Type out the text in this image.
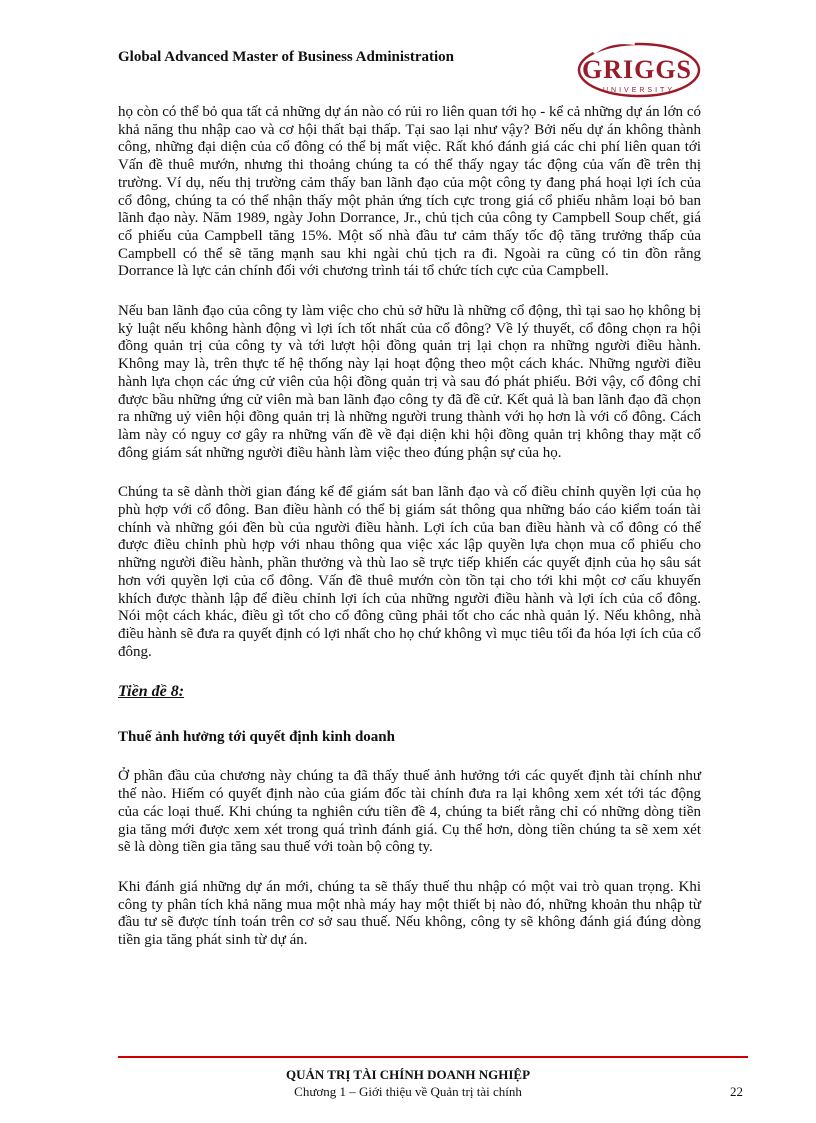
Global Advanced Master of Business Administration	GRIGGS
UNIVERSITY

họ còn có thể bỏ qua tất cả những dự án nào có rủi ro liên quan tới họ - kể cả những dự án lớn có khả năng thu nhập cao và cơ hội thất bại thấp. Tại sao lại như vậy? Bởi nếu dự án không thành công, những đại diện của cổ đông có thể bị mất việc. Rất khó đánh giá các chi phí liên quan tới Vấn đề thuê mướn, nhưng thi thoảng chúng ta có thể thấy ngay tác động của vấn đề trên thị trường. Ví dụ, nếu thị trường cảm thấy ban lãnh đạo của một công ty đang phá hoại lợi ích của cổ đông, chúng ta có thể nhận thấy một phản ứng tích cực trong giá cổ phiếu nhằm loại bỏ ban lãnh đạo này. Năm 1989, ngày John Dorrance, Jr., chủ tịch của công ty Campbell Soup chết, giá cổ phiếu của Campbell tăng 15%. Một số nhà đầu tư cảm thấy tốc độ tăng trưởng thấp của Campbell có thể sẽ tăng mạnh sau khi ngài chủ tịch ra đi. Ngoài ra cũng có tin đồn rằng Dorrance là lực cản chính đối với chương trình tái tổ chức tích cực của Campbell.

Nếu ban lãnh đạo của công ty làm việc cho chủ sở hữu là những cổ động, thì tại sao họ không bị kỷ luật nếu không hành động vì lợi ích tốt nhất của cổ đông? Về lý thuyết, cổ đông chọn ra hội đồng quản trị của công ty và tới lượt hội đồng quản trị lại chọn ra những người điều hành. Không may là, trên thực tế hệ thống này lại hoạt động theo một cách khác. Những người điều hành lựa chọn các ứng cử viên của hội đồng quản trị và sau đó phát phiếu. Bởi vậy, cổ đông chỉ được bầu những ứng cử viên mà ban lãnh đạo công ty đã đề cử. Kết quả là ban lãnh đạo đã chọn ra những uỷ viên hội đồng quản trị là những người trung thành với họ hơn là với cổ đông. Cách làm này có nguy cơ gây ra những vấn đề về đại diện khi hội đồng quản trị không thay mặt cổ đông giám sát những người điều hành làm việc theo đúng phận sự của họ.

Chúng ta sẽ dành thời gian đáng kể để giám sát ban lãnh đạo và cố điều chỉnh quyền lợi của họ phù hợp với cổ đông. Ban điều hành có thể bị giám sát thông qua những báo cáo kiểm toán tài chính và những gói đền bù của người điều hành. Lợi ích của ban điều hành và cổ đông có thể được điều chỉnh phù hợp với nhau thông qua việc xác lập quyền lựa chọn mua cổ phiếu cho những người điều hành, phần thưởng và thù lao sẽ trực tiếp khiến các quyết định của họ sâu sát hơn với quyền lợi của cổ đông. Vấn đề thuê mướn còn tồn tại cho tới khi một cơ cấu khuyến khích được thành lập để điều chỉnh lợi ích của những người điều hành và lợi ích của cổ đông. Nói một cách khác, điều gì tốt cho cổ đông cũng phải tốt cho các nhà quản lý. Nếu không, nhà điều hành sẽ đưa ra quyết định có lợi nhất cho họ chứ không vì mục tiêu tối đa hóa lợi ích của cổ đông.

Tiền đề 8:
Thuế ảnh hưởng tới quyết định kinh doanh

Ở phần đầu của chương này chúng ta đã thấy thuế ảnh hưởng tới các quyết định tài chính như thế nào. Hiếm có quyết định nào của giám đốc tài chính đưa ra lại không xem xét tới tác động của các loại thuế. Khi chúng ta nghiên cứu tiền đề 4, chúng ta biết rằng chỉ có những dòng tiền gia tăng mới được xem xét trong quá trình đánh giá. Cụ thể hơn, dòng tiền chúng ta sẽ xem xét sẽ là dòng tiền gia tăng sau thuế với toàn bộ công ty.

Khi đánh giá những dự án mới, chúng ta sẽ thấy thuế thu nhập có một vai trò quan trọng. Khi công ty phân tích khả năng mua một nhà máy hay một thiết bị nào đó, những khoản thu nhập từ đầu tư sẽ được tính toán trên cơ sở sau thuế. Nếu không, công ty sẽ không đánh giá đúng dòng tiền gia tăng phát sinh từ dự án.

QUẢN TRỊ TÀI CHÍNH DOANH NGHIỆP
Chương 1 – Giới thiệu về Quản trị tài chính	22
